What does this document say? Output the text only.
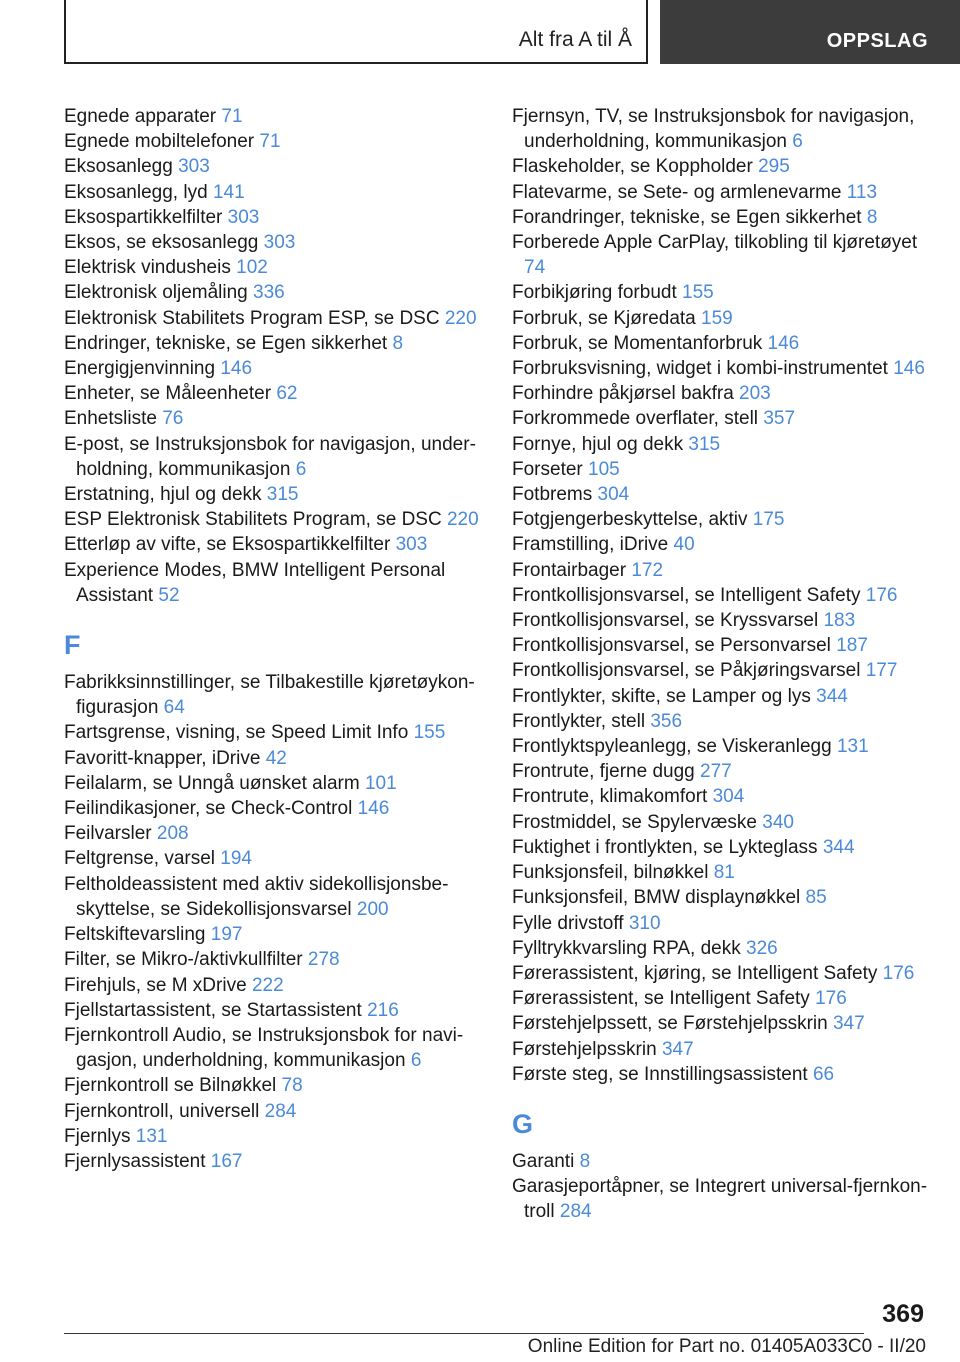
Alt fra A til Å	OPPSLAG
Egnede apparater 71
Egnede mobiltelefoner 71
Eksosanlegg 303
Eksosanlegg, lyd 141
Eksospartikkelfilter 303
Eksos, se eksosanlegg 303
Elektrisk vindusheis 102
Elektronisk oljemåling 336
Elektronisk Stabilitets Program ESP, se DSC 220
Endringer, tekniske, se Egen sikkerhet 8
Energigjenvinning 146
Enheter, se Måleenheter 62
Enhetsliste 76
E-post, se Instruksjonsbok for navigasjon, underholdning, kommunikasjon 6
Erstatning, hjul og dekk 315
ESP Elektronisk Stabilitets Program, se DSC 220
Etterløp av vifte, se Eksospartikkelfilter 303
Experience Modes, BMW Intelligent Personal Assistant 52
F
Fabrikksinnstillinger, se Tilbakestille kjøretøykonfigurasjon 64
Fartsgrense, visning, se Speed Limit Info 155
Favoritt-knapper, iDrive 42
Feilalarm, se Unngå uønsket alarm 101
Feilindikasjoner, se Check-Control 146
Feilvarsler 208
Feltgrense, varsel 194
Feltholdeassistent med aktiv sidekollisjonsbeskyttelse, se Sidekollisjonsvarsel 200
Feltskiftevarsling 197
Filter, se Mikro-/aktivkullfilter 278
Firehjuls, se M xDrive 222
Fjellstartassistent, se Startassistent 216
Fjernkontroll Audio, se Instruksjonsbok for navigasjon, underholdning, kommunikasjon 6
Fjernkontroll se Bilnøkkel 78
Fjernkontroll, universell 284
Fjernlys 131
Fjernlysassistent 167
Fjernsyn, TV, se Instruksjonsbok for navigasjon, underholdning, kommunikasjon 6
Flaskeholder, se Koppholder 295
Flatevarme, se Sete- og armlenevarme 113
Forandringer, tekniske, se Egen sikkerhet 8
Forberede Apple CarPlay, tilkobling til kjøretøyet 74
Forbikjøring forbudt 155
Forbruk, se Kjøredata 159
Forbruk, se Momentanforbruk 146
Forbruksvisning, widget i kombi-instrumentet 146
Forhindre påkjørsel bakfra 203
Forkrommede overflater, stell 357
Fornye, hjul og dekk 315
Forseter 105
Fotbrems 304
Fotgjengerbeskyttelse, aktiv 175
Framstilling, iDrive 40
Frontairbager 172
Frontkollisjonsvarsel, se Intelligent Safety 176
Frontkollisjonsvarsel, se Kryssvarsel 183
Frontkollisjonsvarsel, se Personvarsel 187
Frontkollisjonsvarsel, se Påkjøringsvarsel 177
Frontlykter, skifte, se Lamper og lys 344
Frontlykter, stell 356
Frontlyktspyleanlegg, se Viskeranlegg 131
Frontrute, fjerne dugg 277
Frontrute, klimakomfort 304
Frostmiddel, se Spylervæske 340
Fuktighet i frontlykten, se Lykteglass 344
Funksjonsfeil, bilnøkkel 81
Funksjonsfeil, BMW displaynøkkel 85
Fylle drivstoff 310
Fylltrykkvarsling RPA, dekk 326
Førerassistent, kjøring, se Intelligent Safety 176
Førerassistent, se Intelligent Safety 176
Førstehjelpssett, se Førstehjelpsskrin 347
Førstehjelpsskrin 347
Første steg, se Innstillingsassistent 66
G
Garanti 8
Garasjeportåpner, se Integrert universal-fjernkontroll 284
369
Online Edition for Part no. 01405A033C0 - II/20
